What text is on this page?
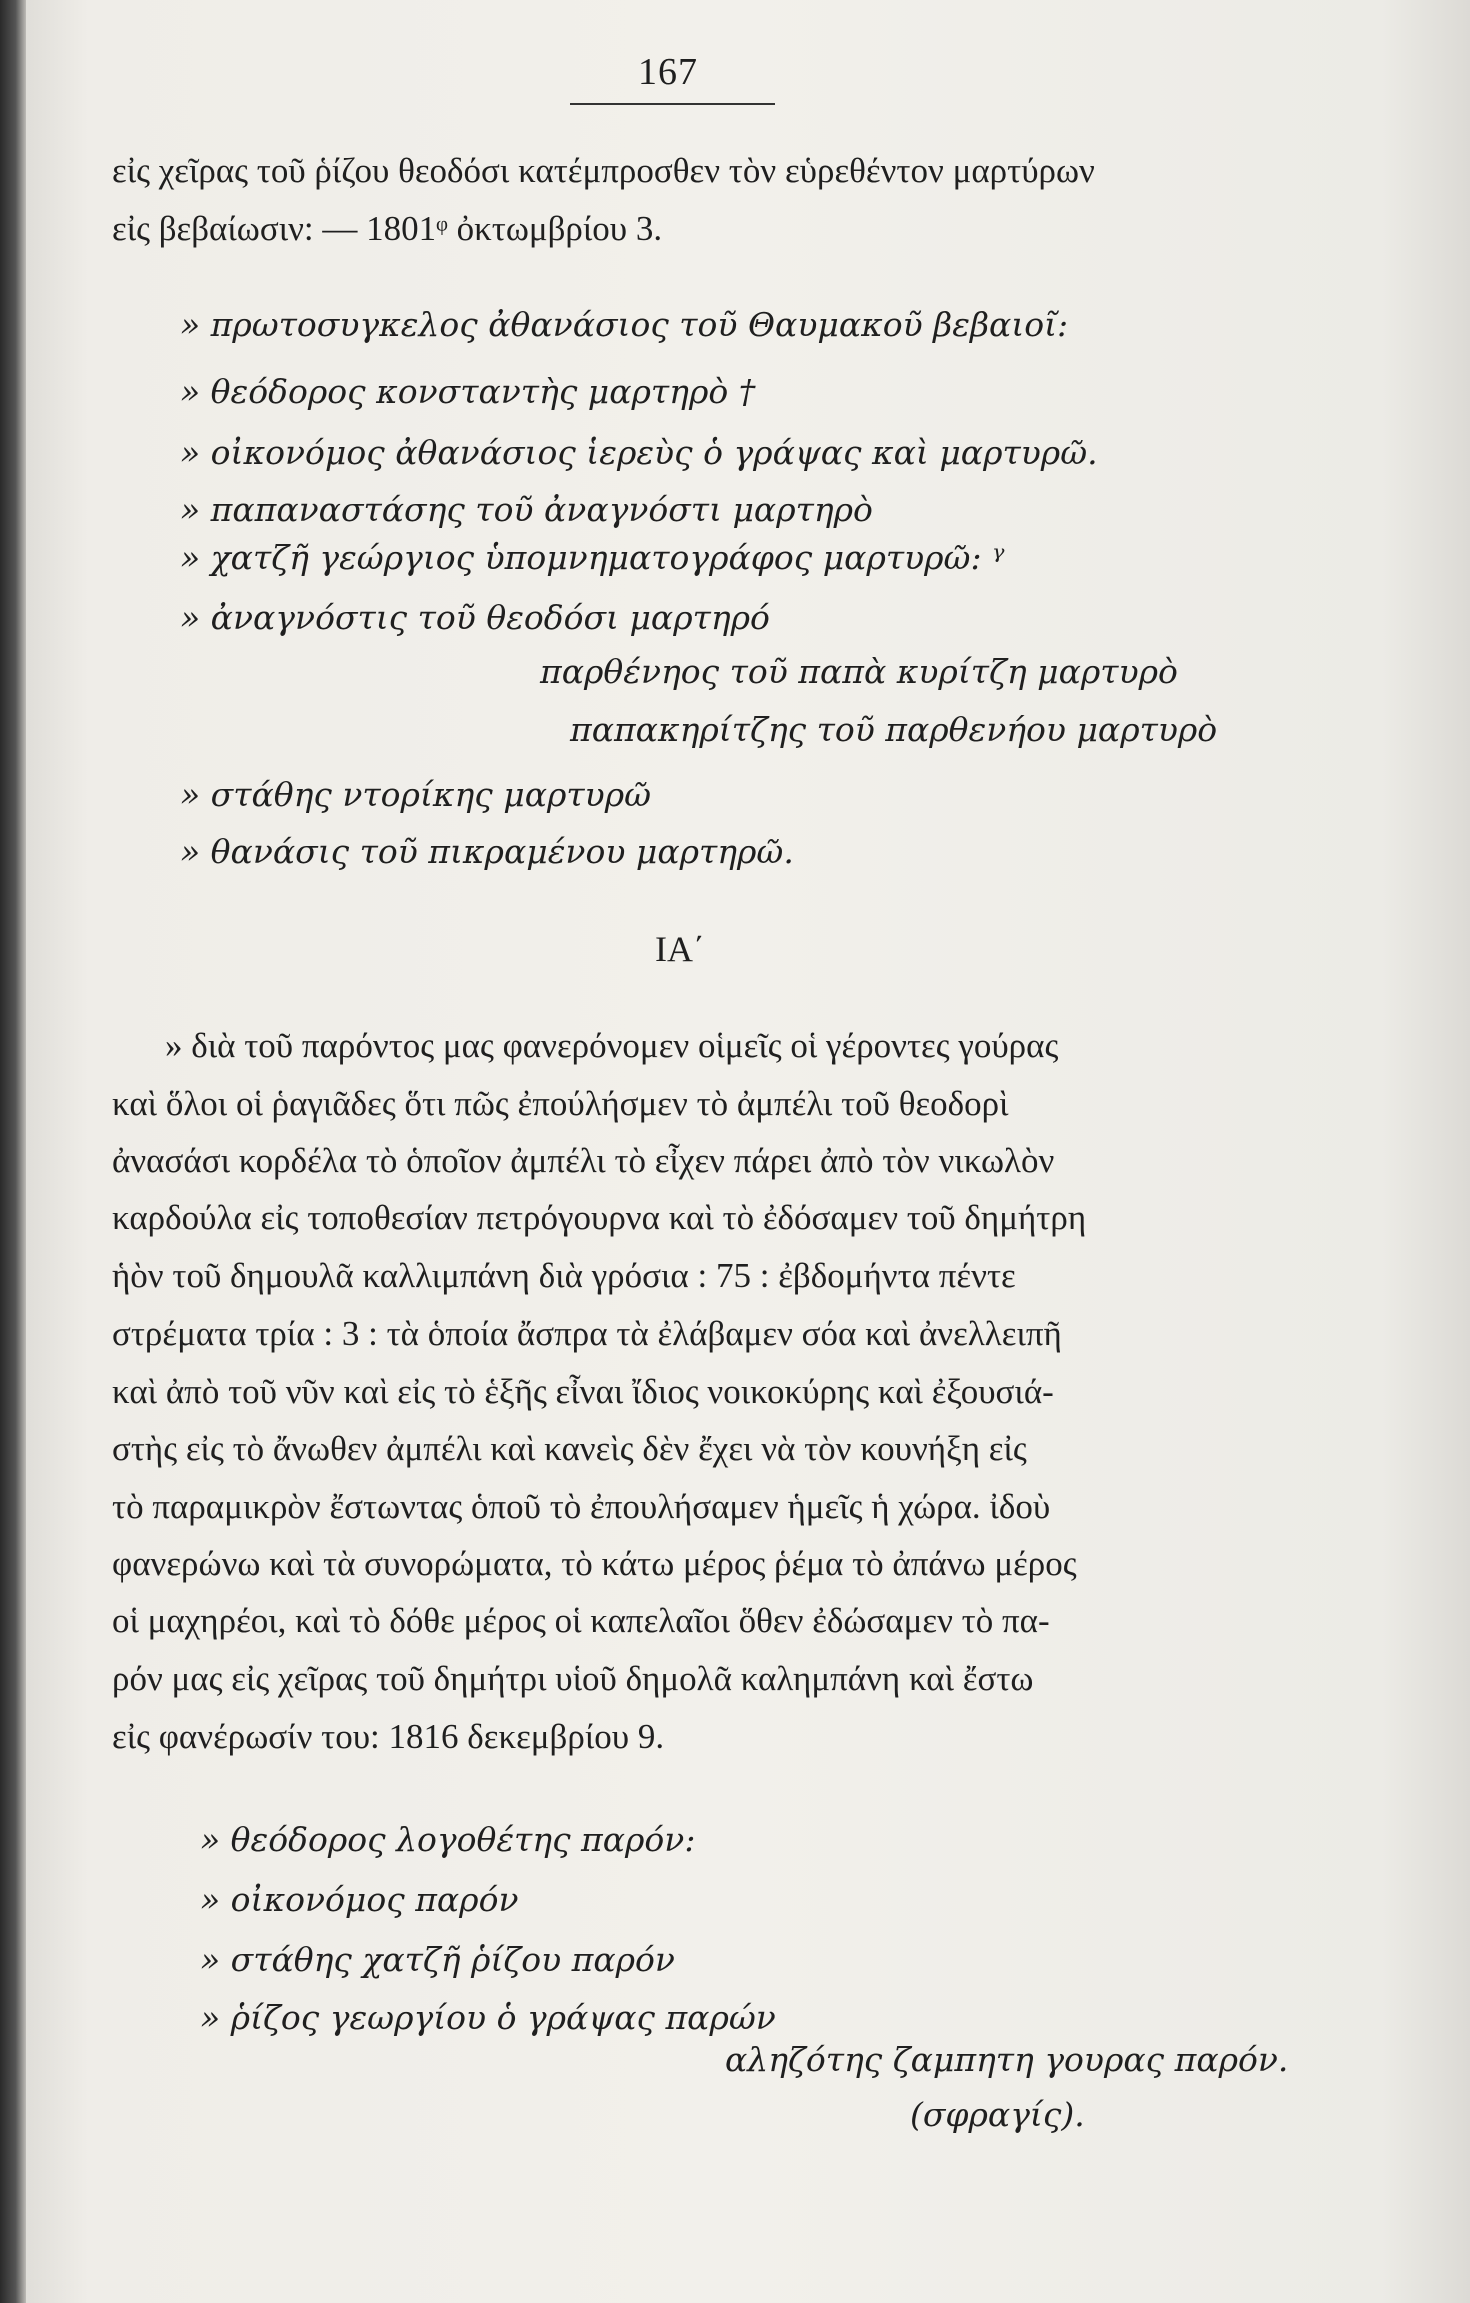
167
εἰς χεῖρας τοῦ ῥίζου θεοδόσι κατέμπροσθεν τὸν εὑρεθέντον μαρτύρων
εἰς βεβαίωσιν: — 1801ᵠ ὀκτωμβρίου 3.
» πρωτοσυγκελος ἀθανάσιος τοῦ Θαυμακοῦ βεβαιοῖ:
» θεόδορος κονσταντὴς μαρτηρὸ †
» οἰκονόμος ἀθανάσιος ἱερεὺς ὁ γράψας καὶ μαρτυρῶ.
» παπαναστάσης τοῦ ἀναγνόστι μαρτηρὸ
» χατζῆ γεώργιος ὑπομνηματογράφος μαρτυρῶ: ᵞ
» ἀναγνόστις τοῦ θεοδόσι μαρτηρό
παρθένηος τοῦ παπὰ κυρίτζη μαρτυρὸ
παπακηρίτζης τοῦ παρθενήου μαρτυρὸ
» στάθης ντορίκης μαρτυρῶ
» θανάσις τοῦ πικραμένου μαρτηρῶ.
ΙΑ΄
» διὰ τοῦ παρόντος μας φανερόνομεν οἱμεῖς οἱ γέροντες γούρας
καὶ ὅλοι οἱ ῥαγιᾶδες ὅτι πῶς ἐπούλήσμεν τὸ ἀμπέλι τοῦ θεοδορὶ
ἀνασάσι κορδέλα τὸ ὁποῖον ἀμπέλι τὸ εἶχεν πάρει ἀπὸ τὸν νικωλὸν
καρδούλα εἰς τοποθεσίαν πετρόγουρνα καὶ τὸ ἐδόσαμεν τοῦ δημήτρη
ἡὸν τοῦ δημουλᾶ καλλιμπάνη διὰ γρόσια : 75 : ἐβδομήντα πέντε
στρέματα τρία : 3 : τὰ ὁποία ἄσπρα τὰ ἐλάβαμεν σόα καὶ ἀνελλειπῆ
καὶ ἀπὸ τοῦ νῦν καὶ εἰς τὸ ἑξῆς εἶναι ἴδιος νοικοκύρης καὶ ἐξουσιά-
στὴς εἰς τὸ ἄνωθεν ἀμπέλι καὶ κανεὶς δὲν ἔχει νὰ τὸν κουνήξη εἰς
τὸ παραμικρὸν ἔστωντας ὁποῦ τὸ ἐπουλήσαμεν ἡμεῖς ἡ χώρα. ἰδοὺ
φανερώνω καὶ τὰ συνορώματα, τὸ κάτω μέρος ῥέμα τὸ ἀπάνω μέρος
οἱ μαχηρέοι, καὶ τὸ δόθε μέρος οἱ καπελαῖοι ὅθεν ἐδώσαμεν τὸ πα-
ρόν μας εἰς χεῖρας τοῦ δημήτρι υἱοῦ δημολᾶ καλημπάνη καὶ ἔστω
εἰς φανέρωσίν του: 1816 δεκεμβρίου 9.
» θεόδορος λογοθέτης παρόν:
» οἰκονόμος παρόν
» στάθης χατζῆ ῥίζου παρόν
» ῥίζος γεωργίου ὁ γράψας παρών
αληζότης ζαμπητη γουρας παρόν.
(σφραγίς).
